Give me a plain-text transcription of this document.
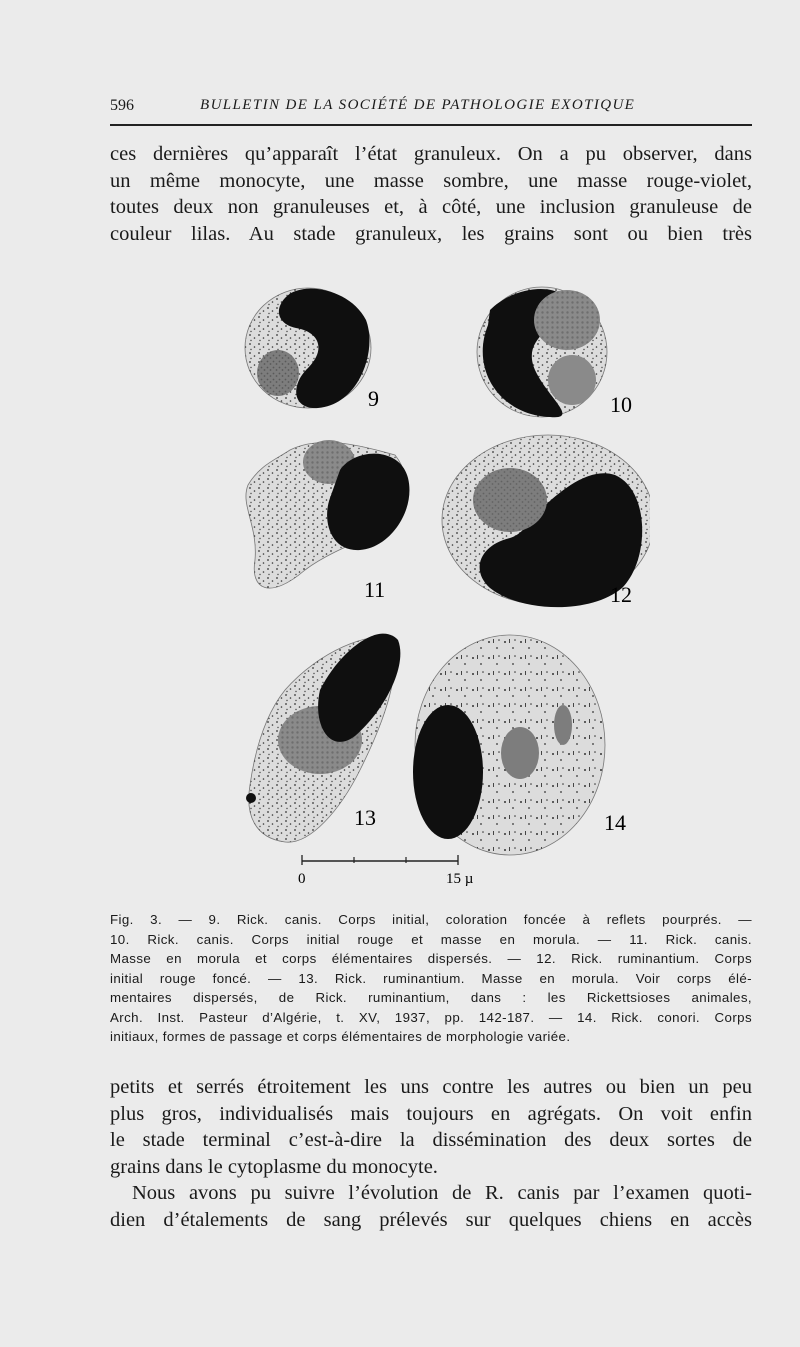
596	BULLETIN DE LA SOCIÉTÉ DE PATHOLOGIE EXOTIQUE
ces dernières qu’apparaît l’état granuleux. On a pu observer, dans
un même monocyte, une masse sombre, une masse rouge-violet,
toutes deux non granuleuses et, à côté, une inclusion granuleuse de
couleur lilas. Au stade granuleux, les grains sont ou bien très
9	10
11	12
13	14
0	15 µ
Fig. 3. — 9. Rick. canis. Corps initial, coloration foncée à reflets pourprés. —
10. Rick. canis. Corps initial rouge et masse en morula. — 11. Rick. canis.
Masse en morula et corps élémentaires dispersés. — 12. Rick. ruminantium. Corps
initial rouge foncé. — 13. Rick. ruminantium. Masse en morula. Voir corps élé-
mentaires dispersés, de Rick. ruminantium, dans : les Rickettsioses animales,
Arch. Inst. Pasteur d’Algérie, t. XV, 1937, pp. 142-187. — 14. Rick. conori. Corps
initiaux, formes de passage et corps élémentaires de morphologie variée.
petits et serrés étroitement les uns contre les autres ou bien un peu
plus gros, individualisés mais toujours en agrégats. On voit enfin
le stade terminal c’est-à-dire la dissémination des deux sortes de
grains dans le cytoplasme du monocyte.
Nous avons pu suivre l’évolution de R. canis par l’examen quoti-
dien d’étalements de sang prélevés sur quelques chiens en accès
